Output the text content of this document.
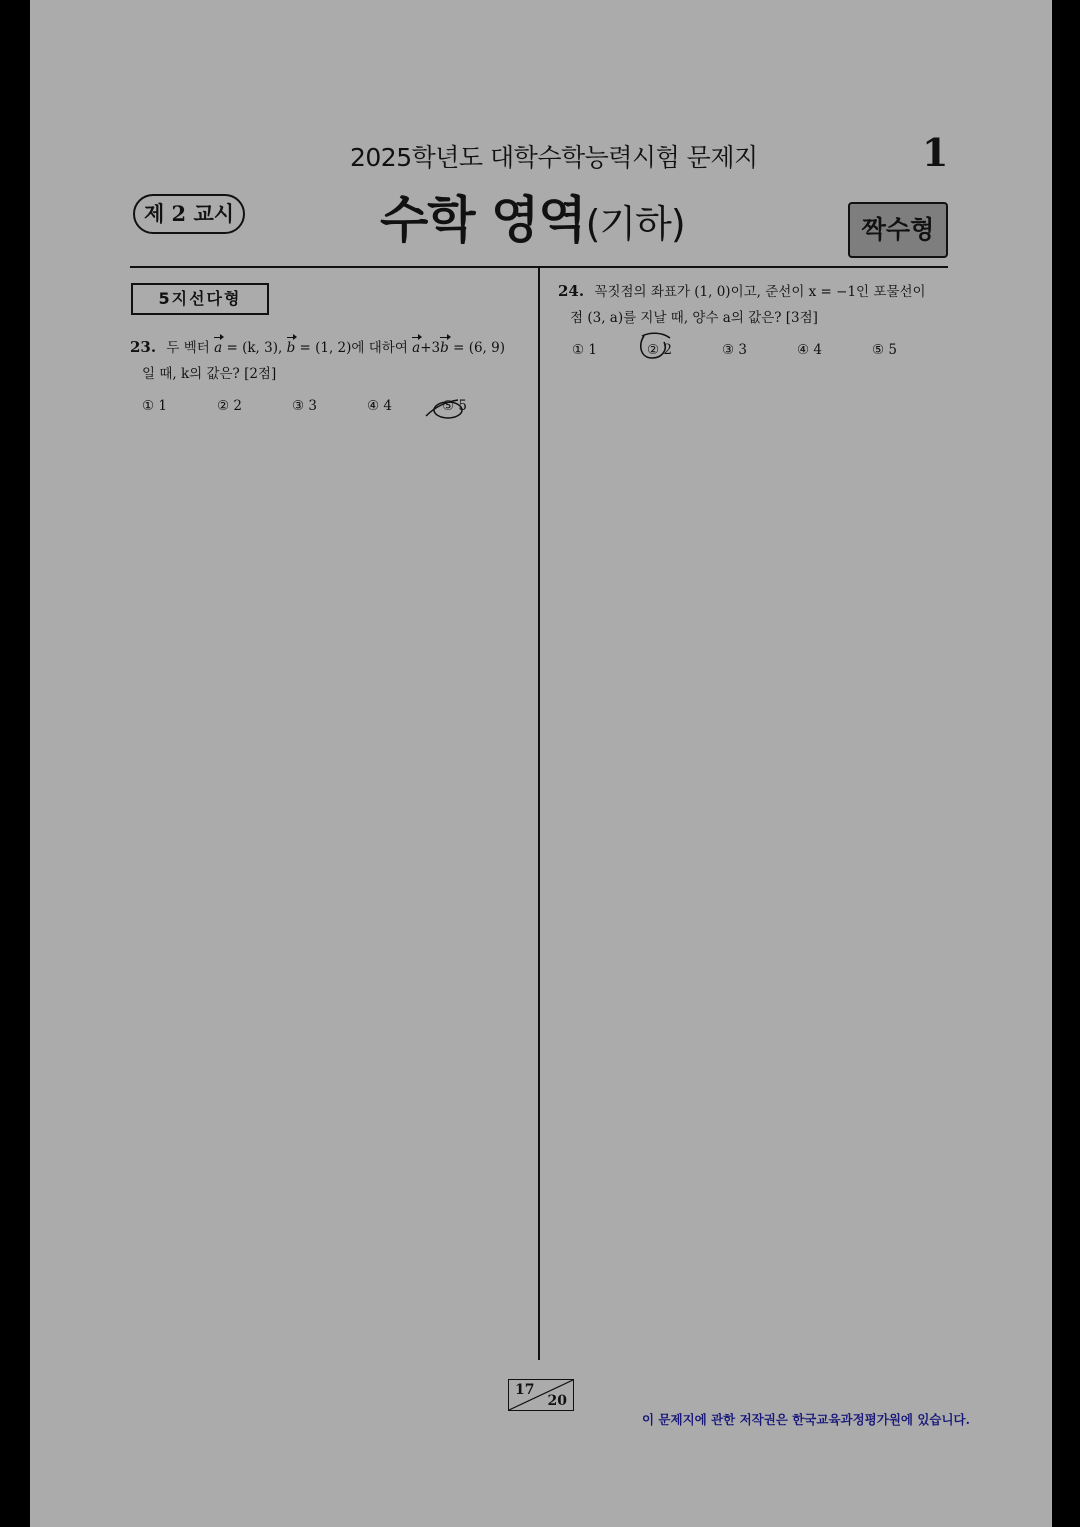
2025학년도 대학수학능력시험 문제지	1
제 2 교시	수학 영역(기하)	짝수형
5지선다형
23. 두 벡터 a = (k, 3), b = (1, 2)에 대하여 a+3b = (6, 9)
일 때, k의 값은? [2점]
① 1	② 2	③ 3	④ 4	⑤ 5
24. 꼭짓점의 좌표가 (1, 0)이고, 준선이 x = −1인 포물선이
점 (3, a)를 지날 때, 양수 a의 값은? [3점]
① 1	② 2	③ 3	④ 4	⑤ 5
17
20
이 문제지에 관한 저작권은 한국교육과정평가원에 있습니다.
